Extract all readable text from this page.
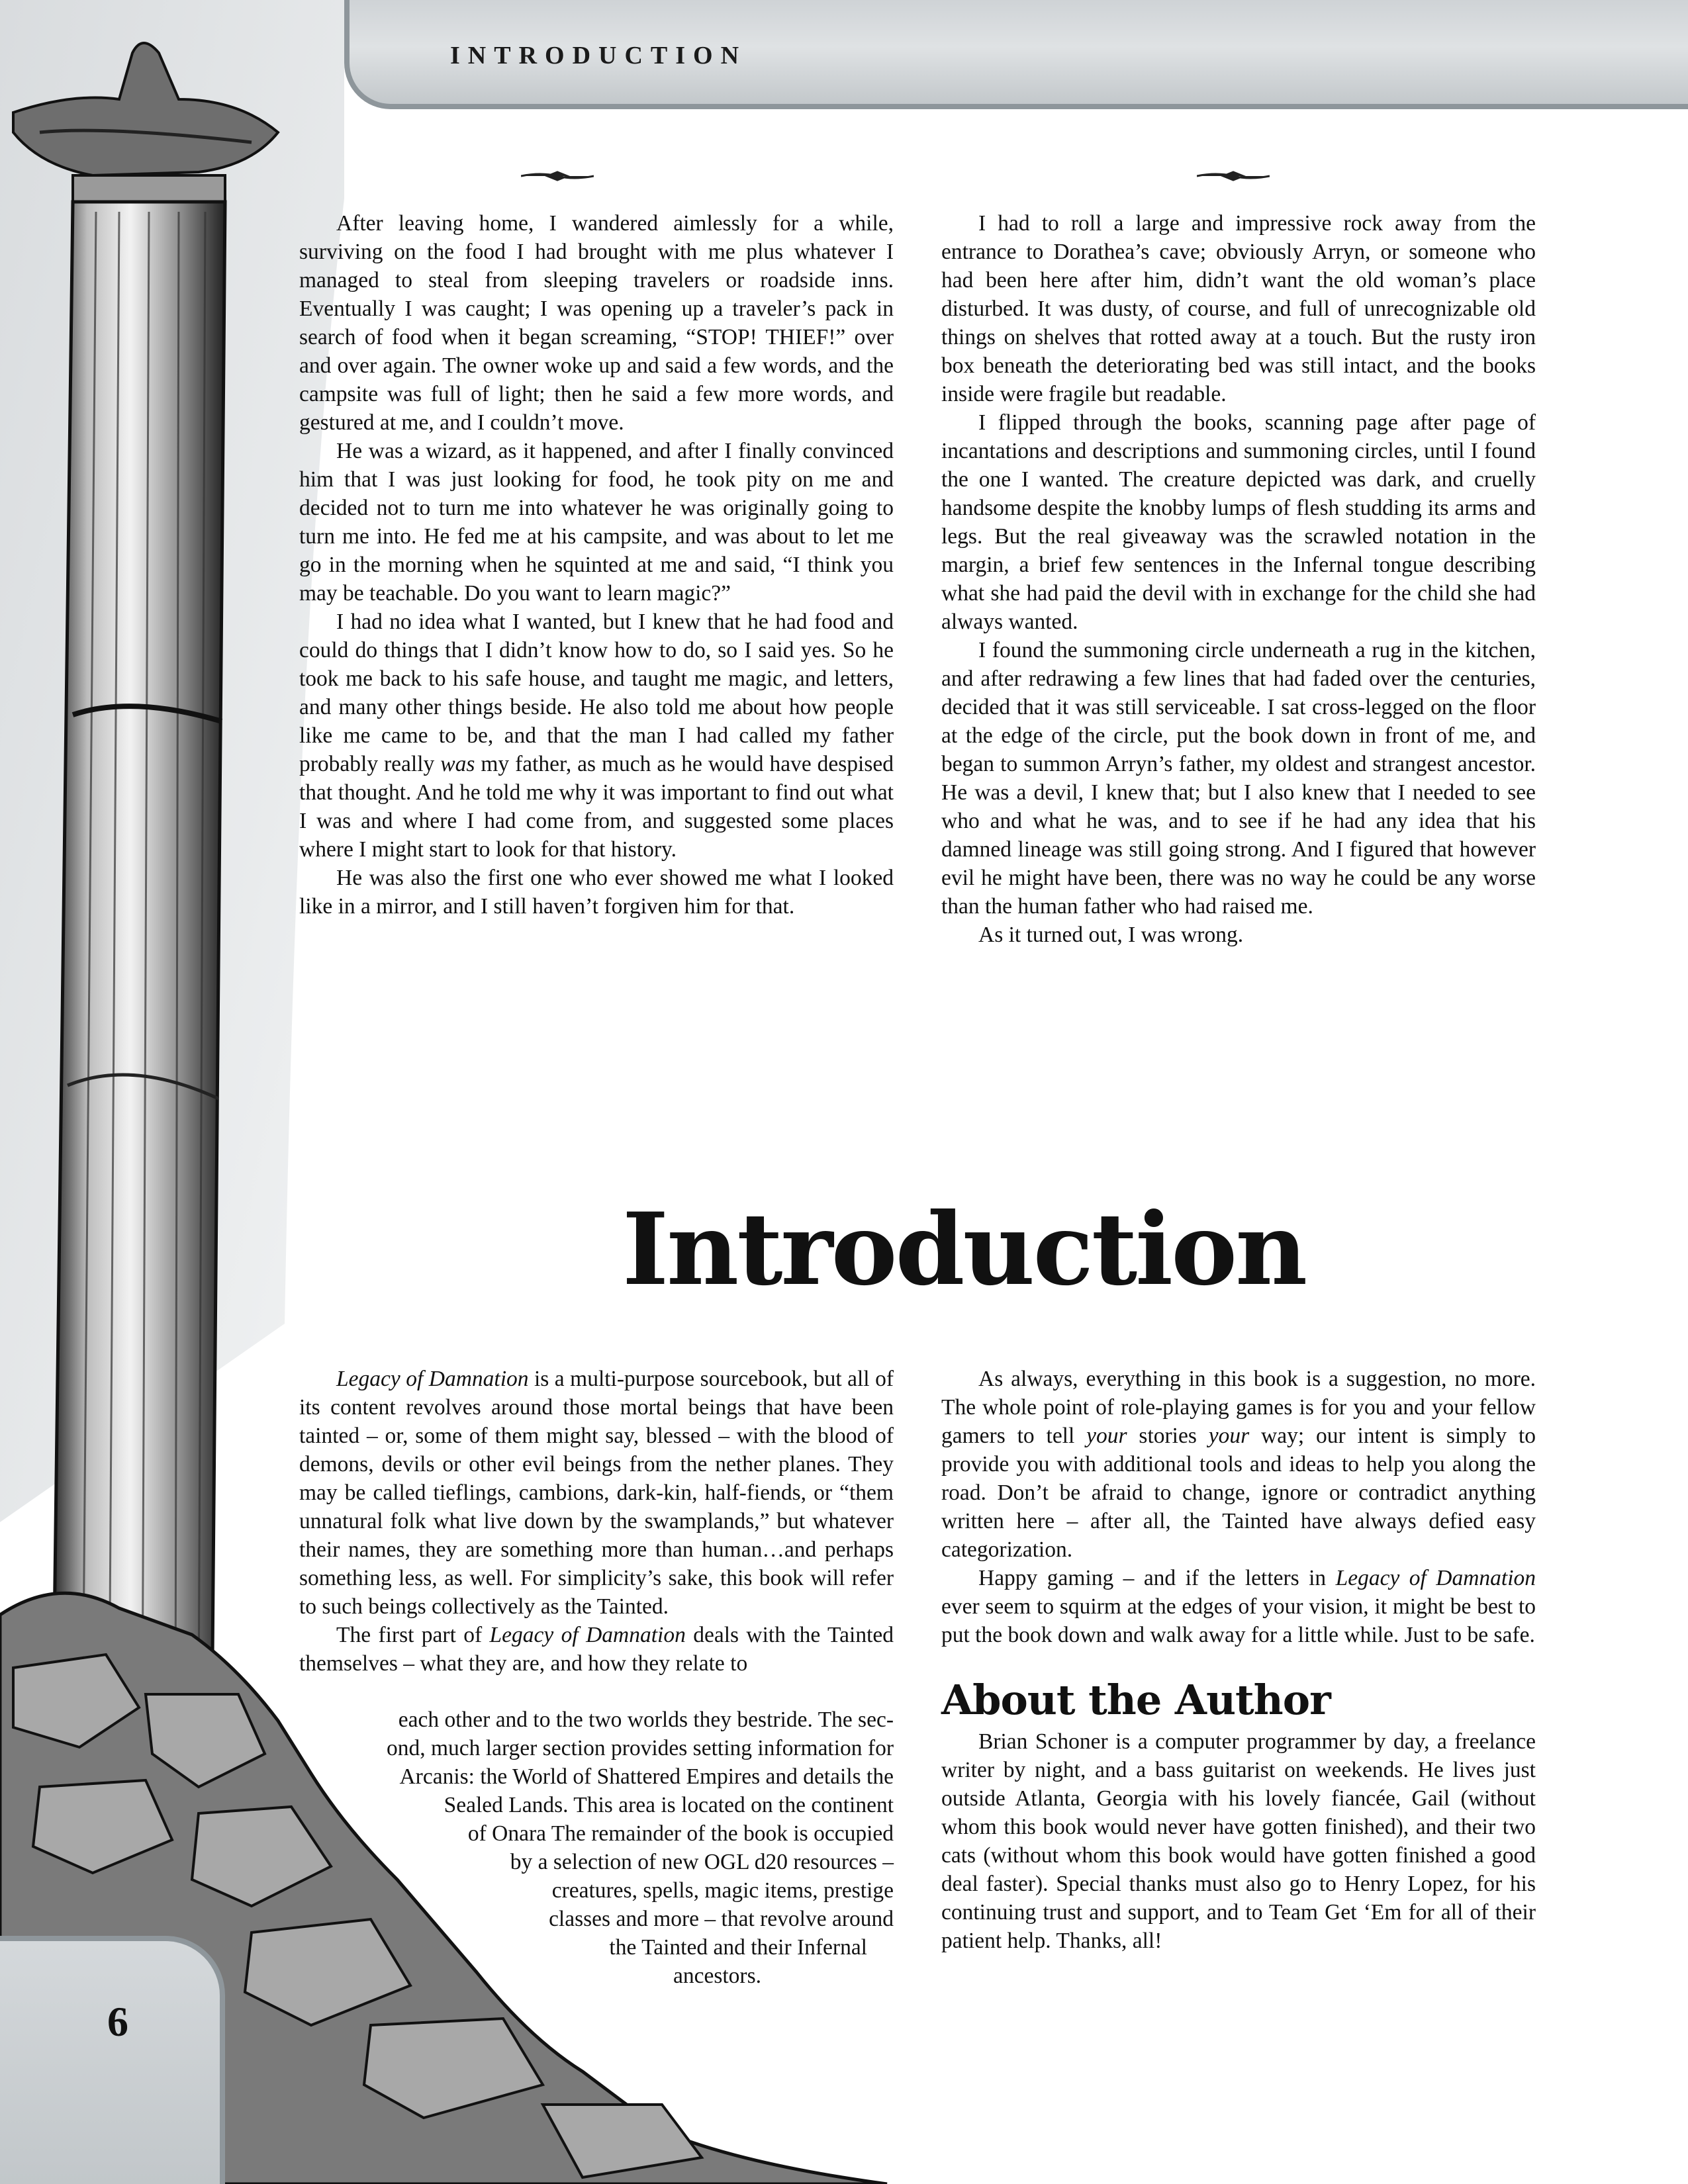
INTRODUCTION
6

After leaving home, I wandered aimlessly for a while, surviving on the food I had brought with me plus whatever I managed to steal from sleeping travelers or roadside inns. Eventually I was caught; I was opening up a traveler’s pack in search of food when it began screaming, “STOP! THIEF!” over and over again. The owner woke up and said a few words, and the campsite was full of light; then he said a few more words, and gestured at me, and I couldn’t move.

He was a wizard, as it happened, and after I finally convinced him that I was just looking for food, he took pity on me and decided not to turn me into whatever he was originally going to turn me into. He fed me at his campsite, and was about to let me go in the morning when he squinted at me and said, “I think you may be teachable. Do you want to learn magic?”

I had no idea what I wanted, but I knew that he had food and could do things that I didn’t know how to do, so I said yes. So he took me back to his safe house, and taught me magic, and letters, and many other things beside. He also told me about how people like me came to be, and that the man I had called my father probably really was my father, as much as he would have despised that thought. And he told me why it was important to find out what I was and where I had come from, and suggested some places where I might start to look for that history.

He was also the first one who ever showed me what I looked like in a mirror, and I still haven’t forgiven him for that.

I had to roll a large and impressive rock away from the entrance to Dorathea’s cave; obviously Arryn, or someone who had been here after him, didn’t want the old woman’s place disturbed. It was dusty, of course, and full of unrecognizable old things on shelves that rotted away at a touch. But the rusty iron box beneath the deteriorating bed was still intact, and the books inside were fragile but readable.

I flipped through the books, scanning page after page of incantations and descriptions and summoning circles, until I found the one I wanted. The creature depicted was dark, and cruelly handsome despite the knobby lumps of flesh studding its arms and legs. But the real giveaway was the scrawled notation in the margin, a brief few sentences in the Infernal tongue describing what she had paid the devil with in exchange for the child she had always wanted.

I found the summoning circle underneath a rug in the kitchen, and after redrawing a few lines that had faded over the centuries, decided that it was still serviceable. I sat cross-legged on the floor at the edge of the circle, put the book down in front of me, and began to summon Arryn’s father, my oldest and strangest ancestor. He was a devil, I knew that; but I also knew that I needed to see who and what he was, and to see if he had any idea that his damned lineage was still going strong. And I figured that however evil he might have been, there was no way he could be any worse than the human father who had raised me.

As it turned out, I was wrong.

Introduction

Legacy of Damnation is a multi-purpose sourcebook, but all of its content revolves around those mortal beings that have been tainted – or, some of them might say, blessed – with the blood of demons, devils or other evil beings from the nether planes. They may be called tieflings, cambions, dark-kin, half-fiends, or “them unnatural folk what live down by the swamplands,” but whatever their names, they are something more than human…and perhaps something less, as well. For simplicity’s sake, this book will refer to such beings collectively as the Tainted.

The first part of Legacy of Damnation deals with the Tainted themselves – what they are, and how they relate to

each other and to the two worlds they bestride. The sec-
ond, much larger section provides setting information for
Arcanis: the World of Shattered Empires and details the
Sealed Lands. This area is located on the continent
of Onara The remainder of the book is occupied
by a selection of new OGL d20 resources –
creatures, spells, magic items, prestige
classes and more – that revolve around
the Tainted and their Infernal
ancestors.

As always, everything in this book is a suggestion, no more. The whole point of role-playing games is for you and your fellow gamers to tell your stories your way; our intent is simply to provide you with additional tools and ideas to help you along the road. Don’t be afraid to change, ignore or contradict anything written here – after all, the Tainted have always defied easy categorization.

Happy gaming – and if the letters in Legacy of Damnation ever seem to squirm at the edges of your vision, it might be best to put the book down and walk away for a little while. Just to be safe.

About the Author

Brian Schoner is a computer programmer by day, a freelance writer by night, and a bass guitarist on weekends. He lives just outside Atlanta, Georgia with his lovely fiancée, Gail (without whom this book would never have gotten finished), and their two cats (without whom this book would have gotten finished a good deal faster). Special thanks must also go to Henry Lopez, for his continuing trust and support, and to Team Get ‘Em for all of their patient help. Thanks, all!
